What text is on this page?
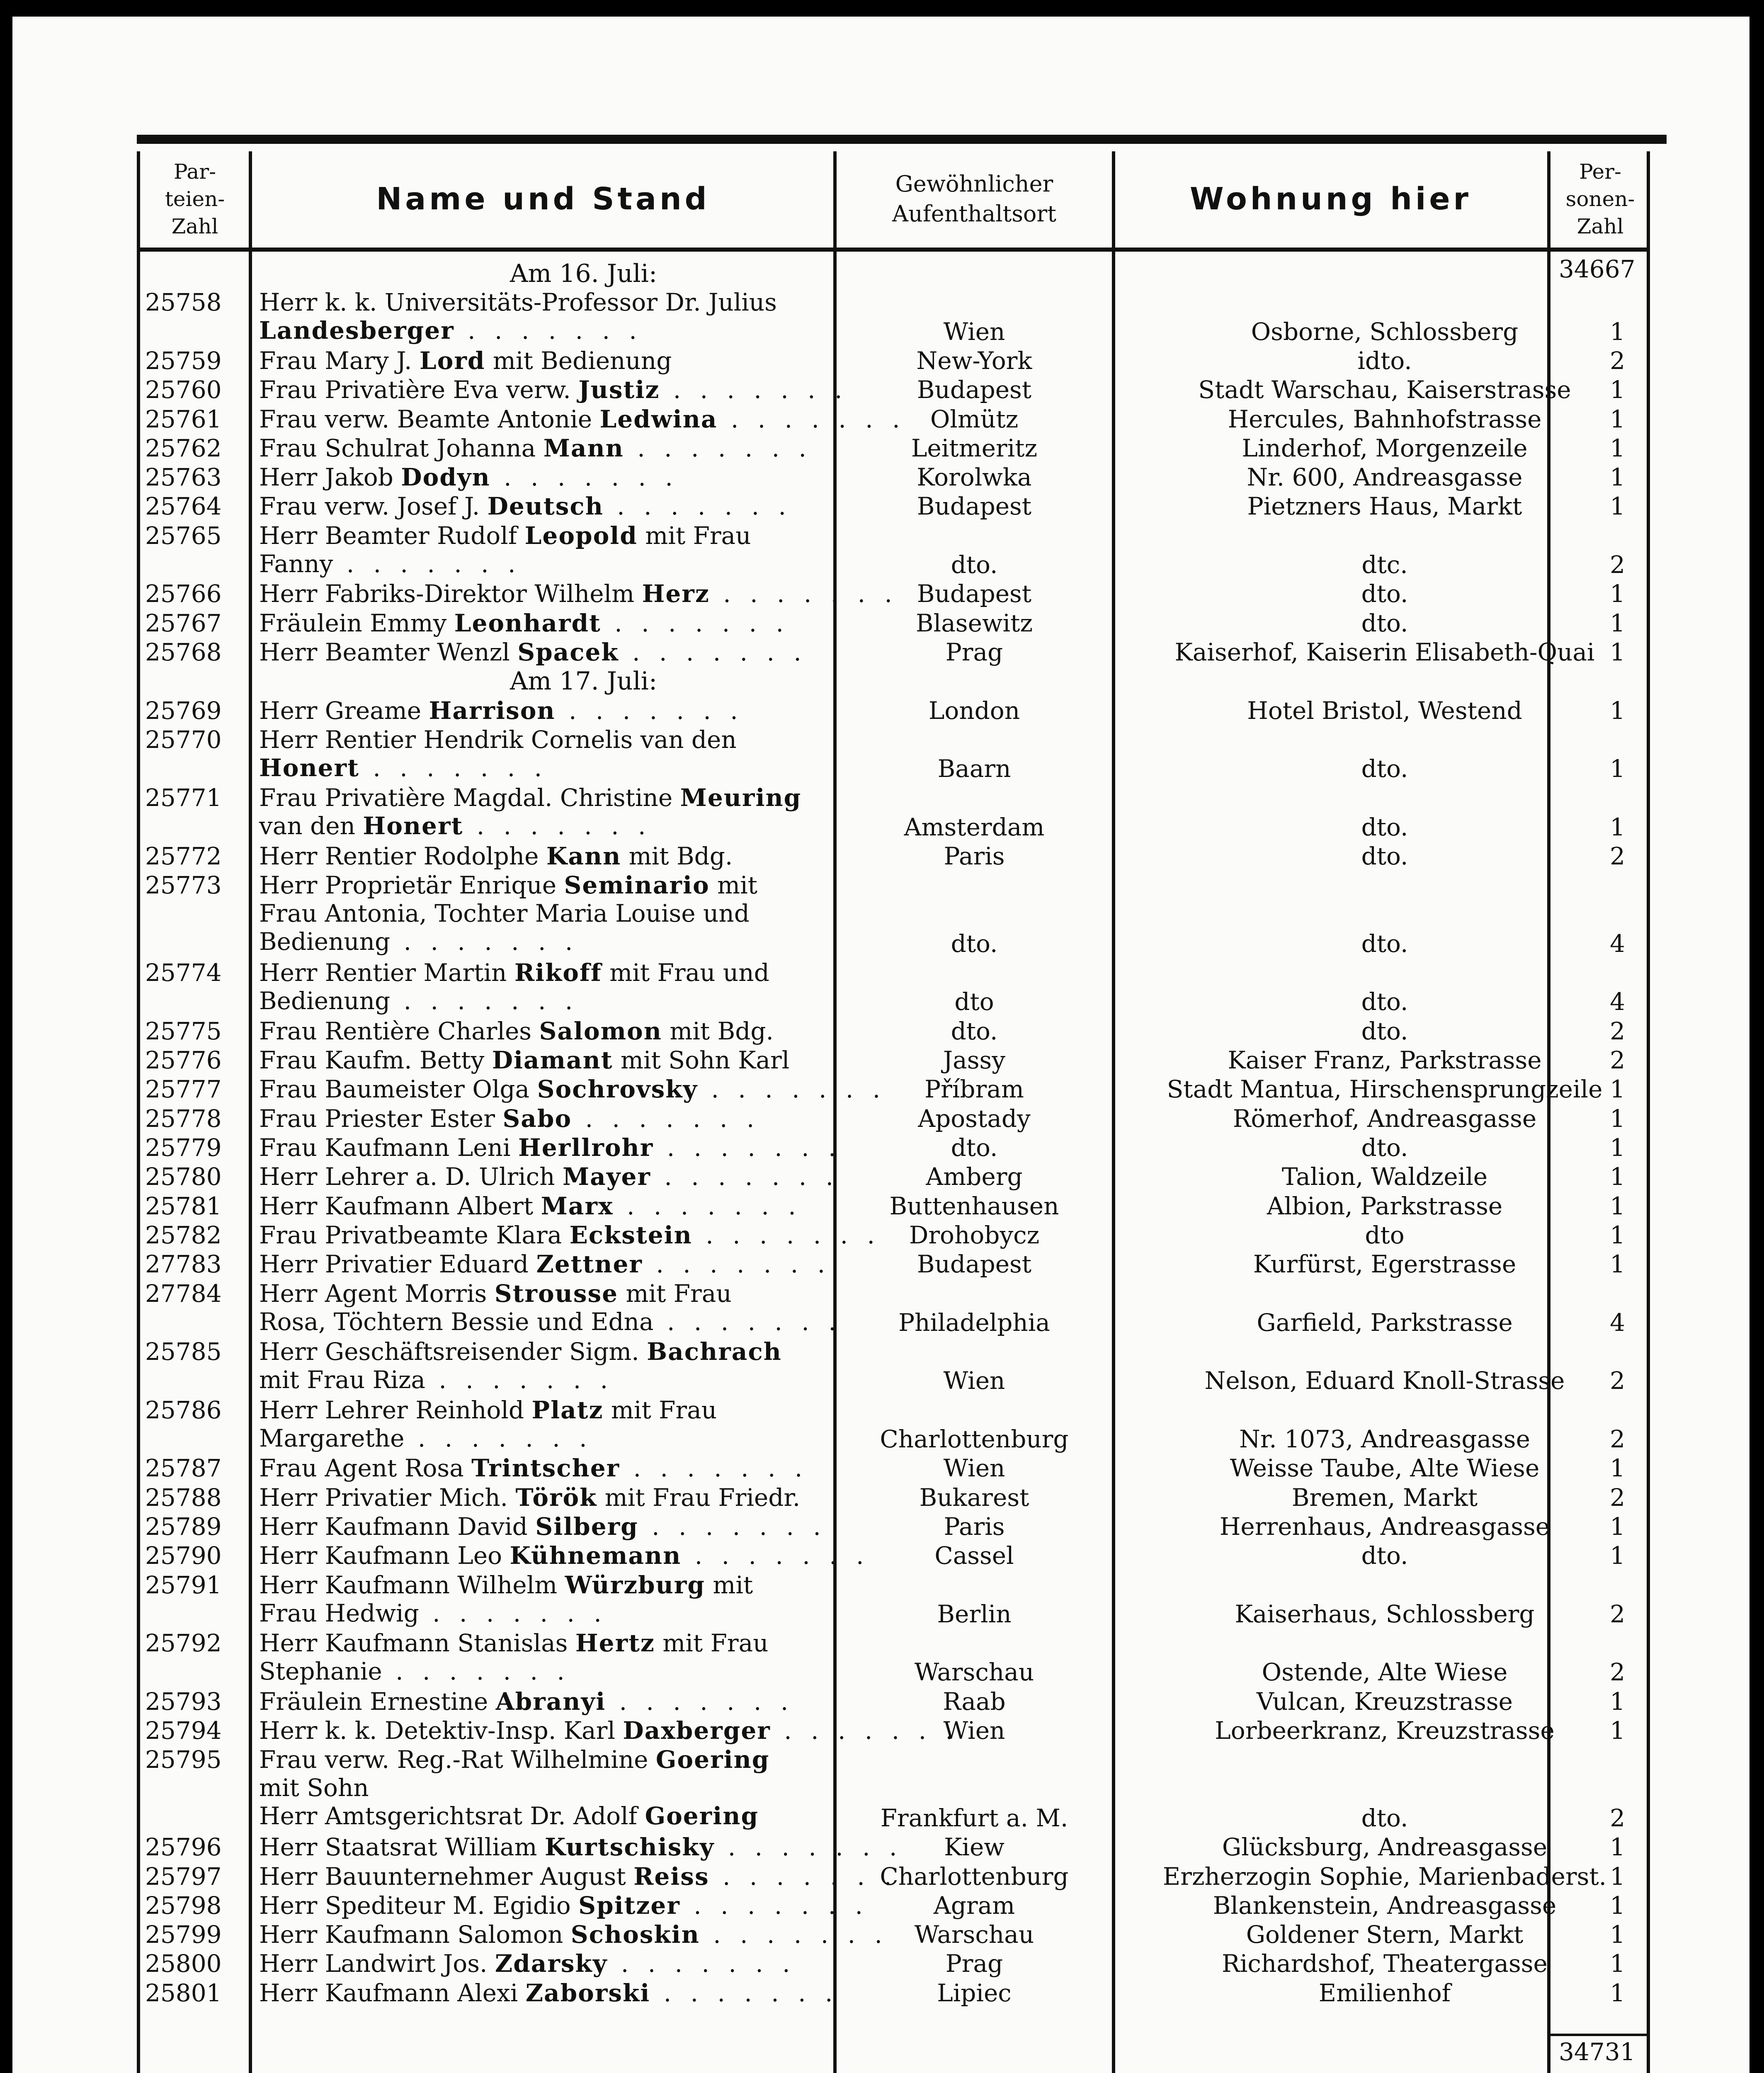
Par-
teien-
Zahl
Name und Stand	Gewöhnlicher
Aufenthaltsort	Wohnung hier
Per-
sonen-
Zahl
34667
34731
Am 16. Juli:
25758	Herr k. k. Universitäts-Professor Dr. Julius
Landesberger . . . . . . .	Wien	Osborne, Schlossberg	1
25759	Frau Mary J. Lord mit Bedienung	New-York	idto.	2
25760	Frau Privatière Eva verw. Justiz . . . . . . .	Budapest	Stadt Warschau, Kaiserstrasse	1
25761	Frau verw. Beamte Antonie Ledwina . . . . . . .	Olmütz	Hercules, Bahnhofstrasse	1
25762	Frau Schulrat Johanna Mann . . . . . . .	Leitmeritz	Linderhof, Morgenzeile	1
25763	Herr Jakob Dodyn . . . . . . .	Korolwka	Nr. 600, Andreasgasse	1
25764	Frau verw. Josef J. Deutsch . . . . . . .	Budapest	Pietzners Haus, Markt	1
25765	Herr Beamter Rudolf Leopold mit Frau
Fanny . . . . . . .	dto.	dtc.	2
25766	Herr Fabriks-Direktor Wilhelm Herz . . . . . . . Budapest	dto.	1
25767	Fräulein Emmy Leonhardt . . . . . . .	Blasewitz	dto.	1
25768	Herr Beamter Wenzl Spacek . . . . . . .	Prag	Kaiserhof, Kaiserin Elisabeth-Quai 1
Am 17. Juli:
25769	Herr Greame Harrison . . . . . . .	London	Hotel Bristol, Westend	1
25770	Herr Rentier Hendrik Cornelis van den
Honert . . . . . . .	Baarn	dto.	1
25771	Frau Privatière Magdal. Christine Meuring
van den Honert . . . . . . .	Amsterdam	dto.	1
25772	Herr Rentier Rodolphe Kann mit Bdg.	Paris	dto.	2
25773	Herr Proprietär Enrique Seminario mit
Frau Antonia, Tochter Maria Louise und
Bedienung . . . . . . .	dto.	dto.	4
25774	Herr Rentier Martin Rikoff mit Frau und
Bedienung . . . . . . .	dto	dto.	4
25775	Frau Rentière Charles Salomon mit Bdg.	dto.	dto.	2
25776	Frau Kaufm. Betty Diamant mit Sohn Karl	Jassy	Kaiser Franz, Parkstrasse	2
25777	Frau Baumeister Olga Sochrovsky . . . . . . .	Příbram	Stadt Mantua, Hirschensprungzeile 1
25778	Frau Priester Ester Sabo . . . . . . .	Apostady	Römerhof, Andreasgasse	1
25779	Frau Kaufmann Leni Herllrohr . . . . . . .	dto.	dto.	1
25780	Herr Lehrer a. D. Ulrich Mayer . . . . . . .	Amberg	Talion, Waldzeile	1
25781	Herr Kaufmann Albert Marx . . . . . . .	Buttenhausen	Albion, Parkstrasse	1
25782	Frau Privatbeamte Klara Eckstein . . . . . . .	Drohobycz	dto	1
27783	Herr Privatier Eduard Zettner . . . . . . .	Budapest	Kurfürst, Egerstrasse	1
27784	Herr Agent Morris Strousse mit Frau
Rosa, Töchtern Bessie und Edna . . . . . . .	Philadelphia	Garfield, Parkstrasse	4
25785	Herr Geschäftsreisender Sigm. Bachrach
mit Frau Riza . . . . . . .	Wien	Nelson, Eduard Knoll-Strasse	2
25786	Herr Lehrer Reinhold Platz mit Frau
Margarethe . . . . . . .	Charlottenburg	Nr. 1073, Andreasgasse	2
25787	Frau Agent Rosa Trintscher . . . . . . .	Wien	Weisse Taube, Alte Wiese	1
25788	Herr Privatier Mich. Török mit Frau Friedr.	Bukarest	Bremen, Markt	2
25789	Herr Kaufmann David Silberg . . . . . . .	Paris	Herrenhaus, Andreasgasse	1
25790	Herr Kaufmann Leo Kühnemann . . . . . . .	Cassel	dto.	1
25791	Herr Kaufmann Wilhelm Würzburg mit
Frau Hedwig . . . . . . .	Berlin	Kaiserhaus, Schlossberg	2
25792	Herr Kaufmann Stanislas Hertz mit Frau
Stephanie . . . . . . .	Warschau	Ostende, Alte Wiese	2
25793	Fräulein Ernestine Abranyi . . . . . . .	Raab	Vulcan, Kreuzstrasse	1
25794	Herr k. k. Detektiv-Insp. Karl Daxberger . . . . . . .
Wien	Lorbeerkranz, Kreuzstrasse	1
25795	Frau verw. Reg.-Rat Wilhelmine Goering
mit Sohn
Herr Amtsgerichtsrat Dr. Adolf Goering	Frankfurt a. M.	dto.	2
25796	Herr Staatsrat William Kurtschisky . . . . . . .	Kiew	Glücksburg, Andreasgasse	1
25797	Herr Bauunternehmer August Reiss . . . . . . .
Charlottenburg	Erzherzogin Sophie, Marienbaderst. 1
25798	Herr Spediteur M. Egidio Spitzer . . . . . . .	Agram	Blankenstein, Andreasgasse	1
25799	Herr Kaufmann Salomon Schoskin . . . . . . .	Warschau	Goldener Stern, Markt	1
25800	Herr Landwirt Jos. Zdarsky . . . . . . .	Prag	Richardshof, Theatergasse	1
25801	Herr Kaufmann Alexi Zaborski . . . . . . .	Lipiec	Emilienhof	1
